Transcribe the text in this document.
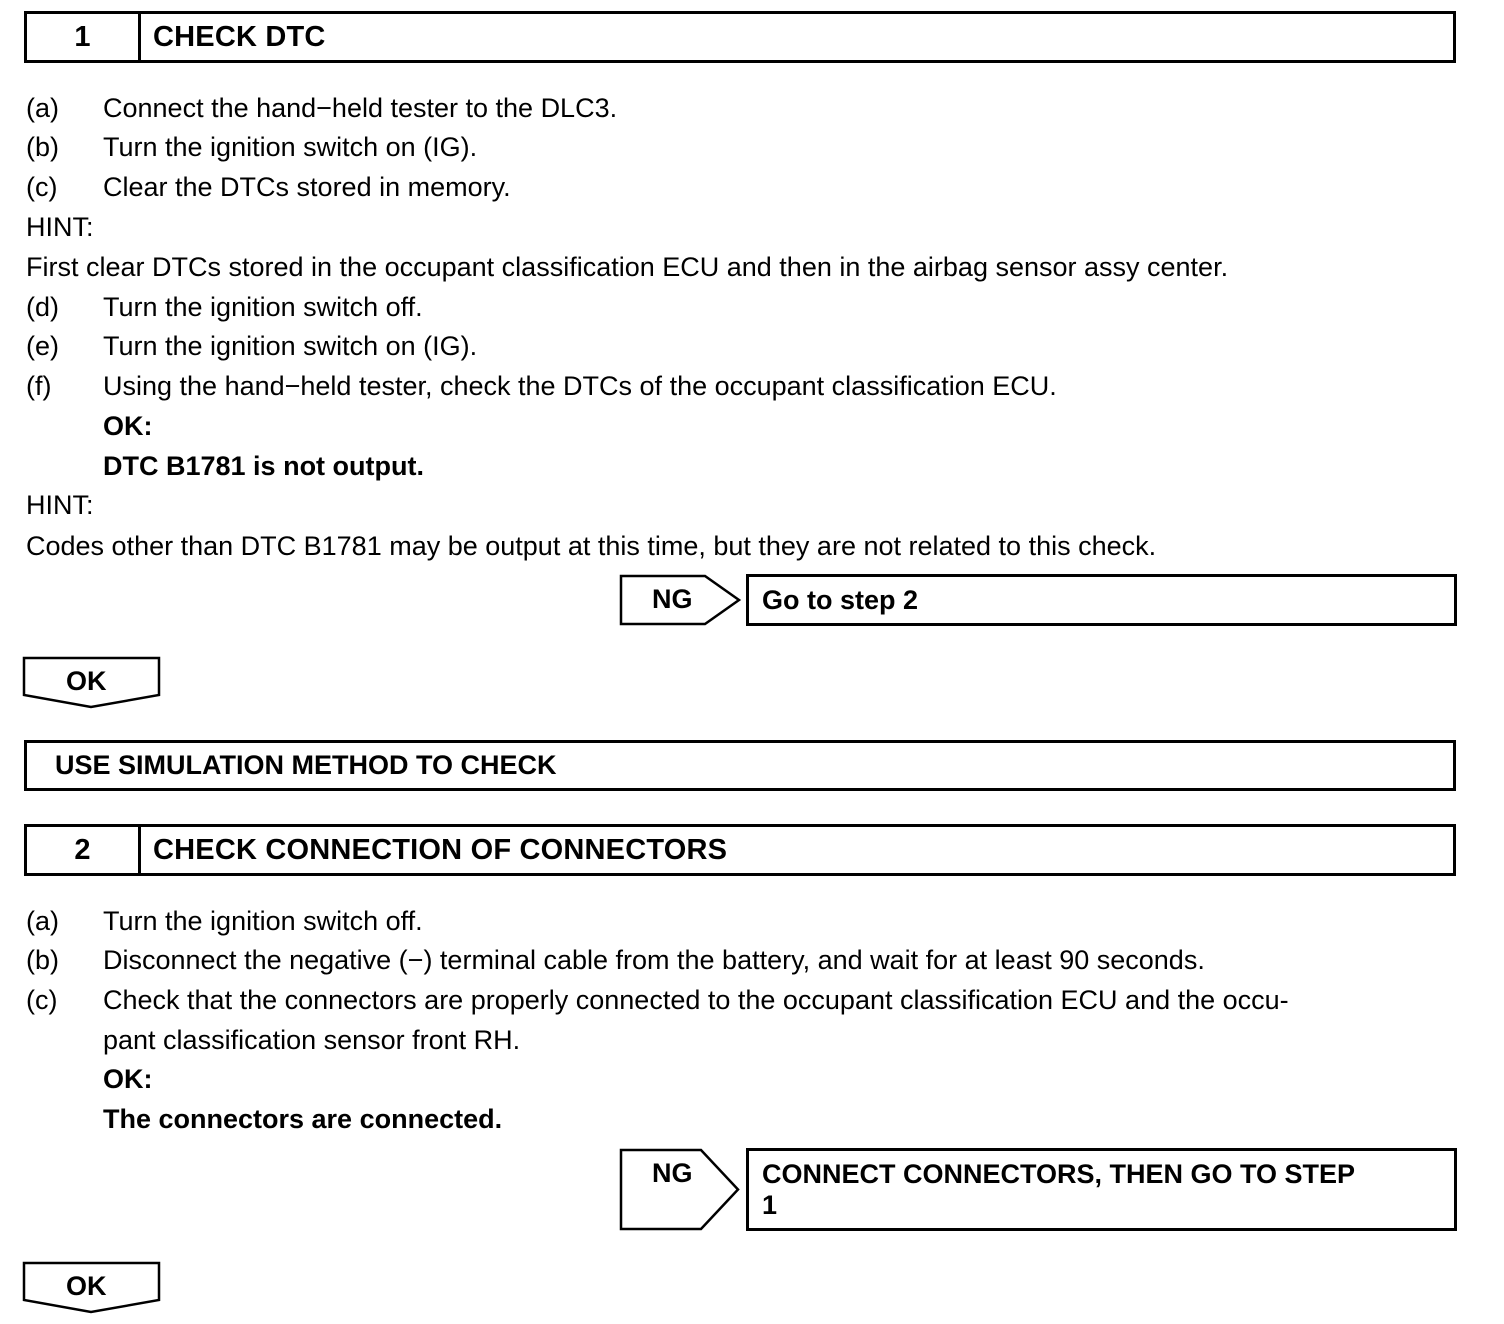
1	CHECK DTC
(a) Connect the hand−held tester to the DLC3.
(b) Turn the ignition switch on (IG).
(c) Clear the DTCs stored in memory.
HINT:
First clear DTCs stored in the occupant classification ECU and then in the airbag sensor assy center.
(d) Turn the ignition switch off.
(e) Turn the ignition switch on (IG).
(f) Using the hand−held tester, check the DTCs of the occupant classification ECU.
OK:
DTC B1781 is not output.
HINT:
Codes other than DTC B1781 may be output at this time, but they are not related to this check.
NG	Go to step 2
OK
USE SIMULATION METHOD TO CHECK
2	CHECK CONNECTION OF CONNECTORS
(a) Turn the ignition switch off.
(b) Disconnect the negative (−) terminal cable from the battery, and wait for at least 90 seconds.
(c) Check that the connectors are properly connected to the occupant classification ECU and the occu-
pant classification sensor front RH.
OK:
The connectors are connected.
NG	CONNECT CONNECTORS, THEN GO TO STEP
1
OK
